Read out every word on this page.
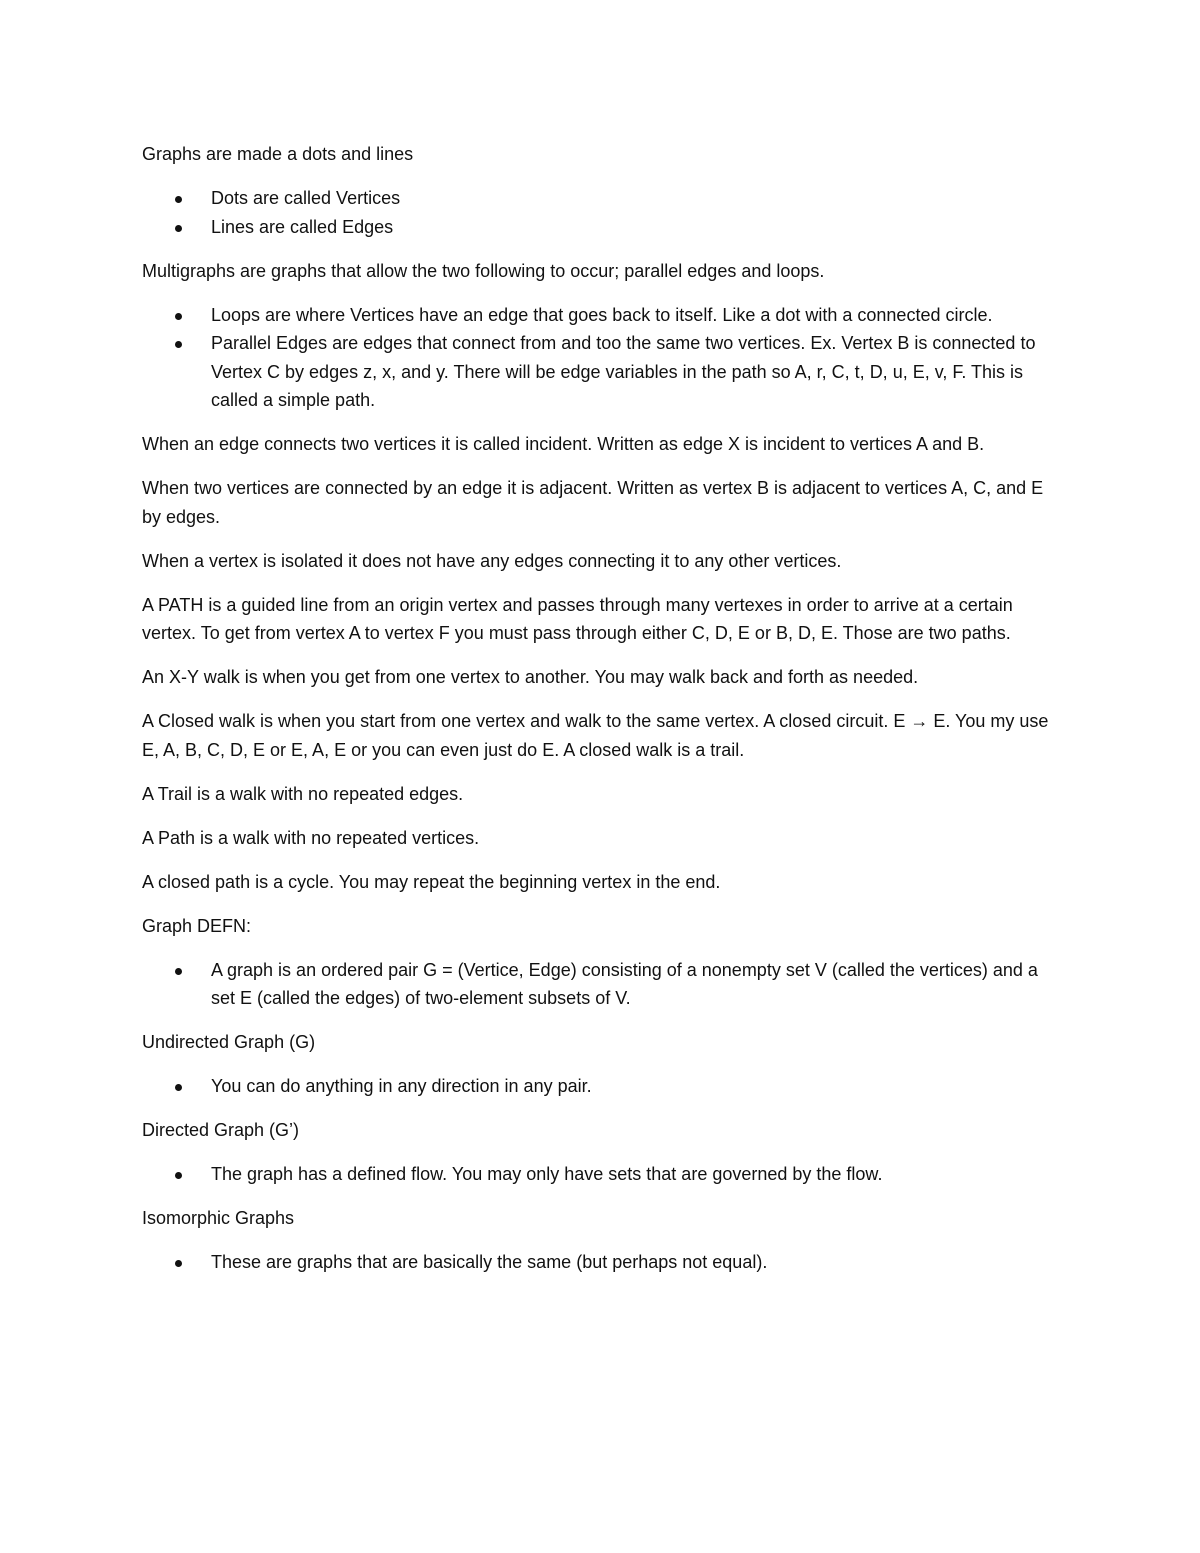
Graphs are made a dots and lines

Dots are called Vertices
Lines are called Edges

Multigraphs are graphs that allow the two following to occur; parallel edges and loops.

Loops are where Vertices have an edge that goes back to itself. Like a dot with a connected circle.
Parallel Edges are edges that connect from and too the same two vertices. Ex. Vertex B is connected to Vertex C by edges z, x, and y. There will be edge variables in the path so A, r, C, t, D, u, E, v, F. This is called a simple path.

When an edge connects two vertices it is called incident. Written as edge X is incident to vertices A and B.

When two vertices are connected by an edge it is adjacent. Written as vertex B is adjacent to vertices A, C, and E by edges.

When a vertex is isolated it does not have any edges connecting it to any other vertices.

A PATH is a guided line from an origin vertex and passes through many vertexes in order to arrive at a certain vertex. To get from vertex A to vertex F you must pass through either C, D, E or B, D, E. Those are two paths.

An X-Y walk is when you get from one vertex to another. You may walk back and forth as needed.

A Closed walk is when you start from one vertex and walk to the same vertex. A closed circuit. E → E. You my use E, A, B, C, D, E or E, A, E or you can even just do E. A closed walk is a trail.

A Trail is a walk with no repeated edges.

A Path is a walk with no repeated vertices.

A closed path is a cycle. You may repeat the beginning vertex in the end.

Graph DEFN:

A graph is an ordered pair G = (Vertice, Edge) consisting of a nonempty set V (called the vertices) and a set E (called the edges) of two-element subsets of V.

Undirected Graph (G)

You can do anything in any direction in any pair.

Directed Graph (G’)

The graph has a defined flow. You may only have sets that are governed by the flow.

Isomorphic Graphs

These are graphs that are basically the same (but perhaps not equal).
